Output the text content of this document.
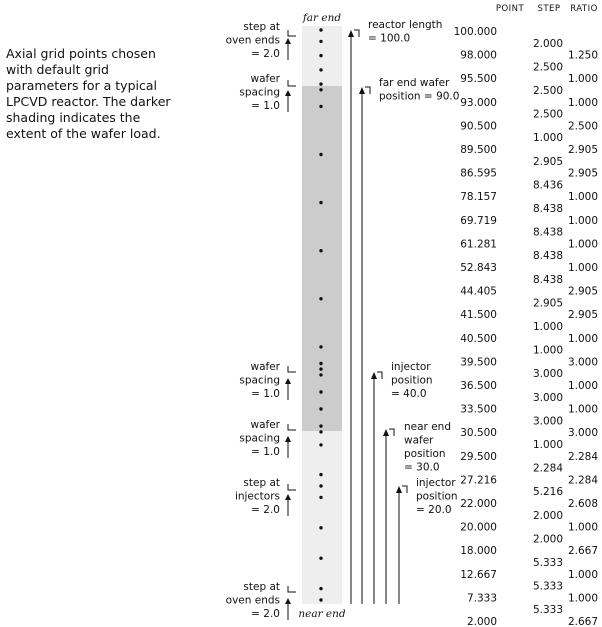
Axial grid points chosen with default grid parameters for a typical LPCVD reactor. The darker shading indicates the extent of the wafer load.

far end
near end
step at
oven ends
= 2.0
wafer
spacing
= 1.0
wafer
spacing
= 1.0
wafer
spacing
= 1.0
step at
injectors
= 2.0
step at
oven ends
= 2.0
reactor length
= 100.0
far end wafer
position = 90.0
injector
position
= 40.0
near end
wafer
position
= 30.0
injector
position
= 20.0
POINT STEP RATIO
100.000
98.000
95.500
93.000
90.500
89.500
86.595
78.157
69.719
61.281
52.843
44.405
41.500
40.500
39.500
36.500
33.500
30.500
29.500
27.216
22.000
20.000
18.000
12.667
7.333
2.000
2.000
2.500
2.500
2.500
1.000
2.905
8.436
8.438
8.438
8.438
8.438
2.905
1.000
1.000
3.000
3.000
3.000
1.000
2.284
5.216
2.000
2.000
5.333
5.333
5.333
1.250
1.000
1.000
2.500
2.905
2.905
1.000
1.000
1.000
1.000
2.905
2.905
1.000
3.000
1.000
1.000
3.000
2.284
2.284
2.608
1.000
2.667
1.000
1.000
2.667
